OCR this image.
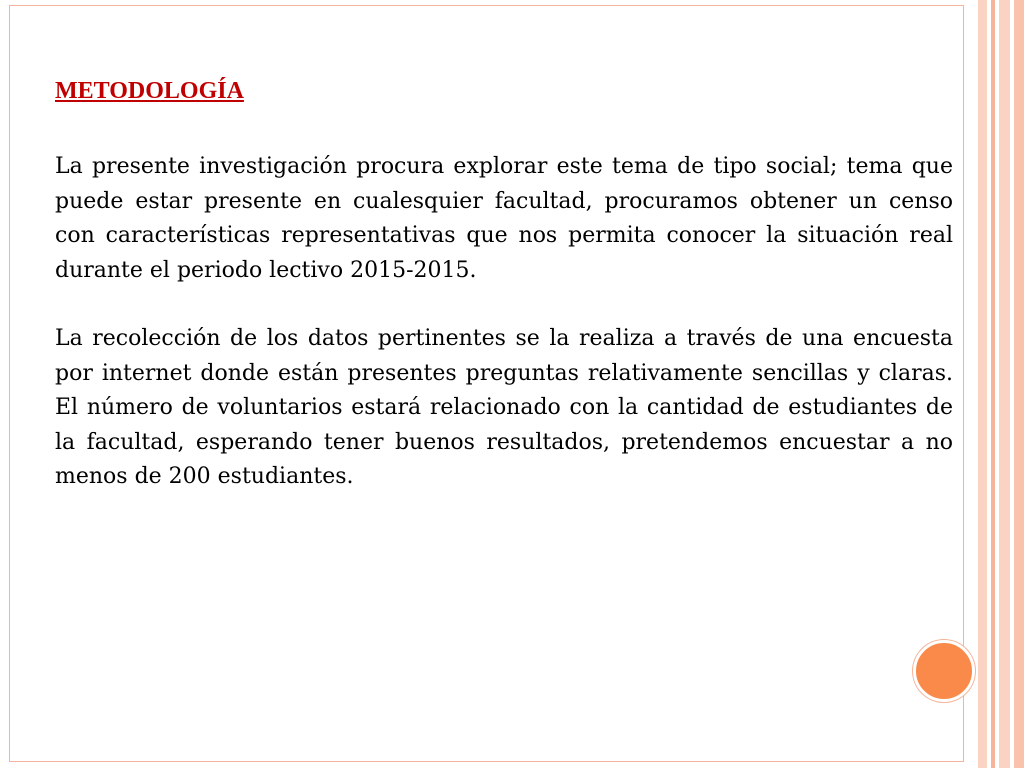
METODOLOGÍA

La presente investigación procura explorar este tema de tipo social; tema que puede estar presente en cualesquier facultad, procuramos obtener un censo con características representativas que nos permita conocer la situación real durante el periodo lectivo 2015-2015.

La recolección de los datos pertinentes se la realiza a través de una encuesta por internet donde están presentes preguntas relativamente sencillas y claras. El número de voluntarios estará relacionado con la cantidad de estudiantes de la facultad, esperando tener buenos resultados, pretendemos encuestar a no menos de 200 estudiantes.
